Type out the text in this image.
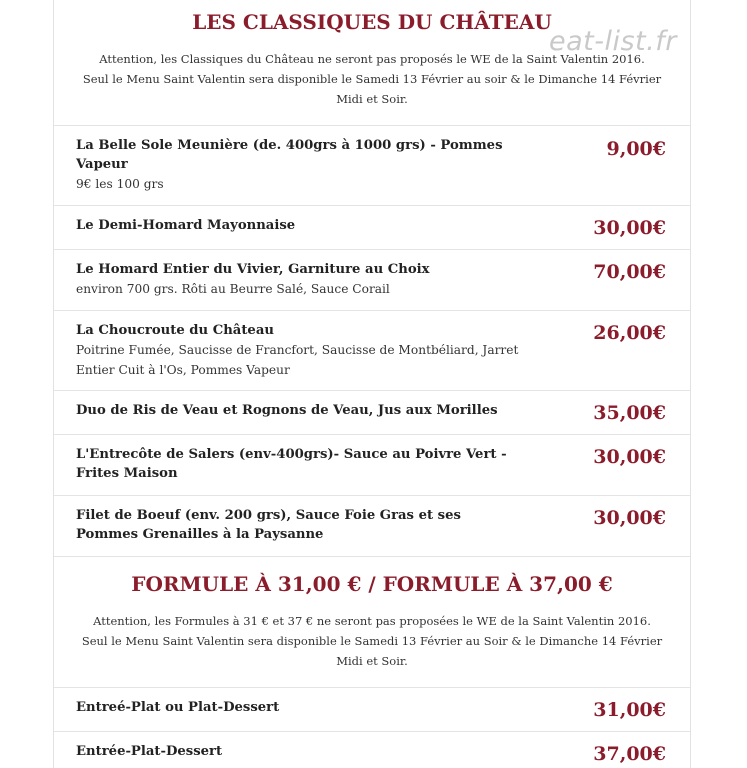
LES CLASSIQUES DU CHÂTEAU
Attention, les Classiques du Château ne seront pas proposés le WE de la Saint Valentin 2016.
Seul le Menu Saint Valentin sera disponible le Samedi 13 Février au soir & le Dimanche 14 Février
Midi et Soir.
La Belle Sole Meunière (de. 400grs à 1000 grs) - Pommes Vapeur
9€ les 100 grs
9,00€
Le Demi-Homard Mayonnaise	30,00€
Le Homard Entier du Vivier, Garniture au Choix
environ 700 grs. Rôti au Beurre Salé, Sauce Corail
70,00€
La Choucroute du Château
Poitrine Fumée, Saucisse de Francfort, Saucisse de Montbéliard, Jarret Entier Cuit à l'Os, Pommes Vapeur
26,00€
Duo de Ris de Veau et Rognons de Veau, Jus aux Morilles	35,00€
L'Entrecôte de Salers (env-400grs)- Sauce au Poivre Vert - Frites Maison
30,00€
Filet de Boeuf (env. 200 grs), Sauce Foie Gras et ses Pommes Grenailles à la Paysanne
30,00€
FORMULE À 31,00 € / FORMULE À 37,00 €
Attention, les Formules à 31 € et 37 € ne seront pas proposées le WE de la Saint Valentin 2016.
Seul le Menu Saint Valentin sera disponible le Samedi 13 Février au Soir & le Dimanche 14 Février
Midi et Soir.
Entreé-Plat ou Plat-Dessert	31,00€
Entrée-Plat-Dessert	37,00€
eat-list.fr
